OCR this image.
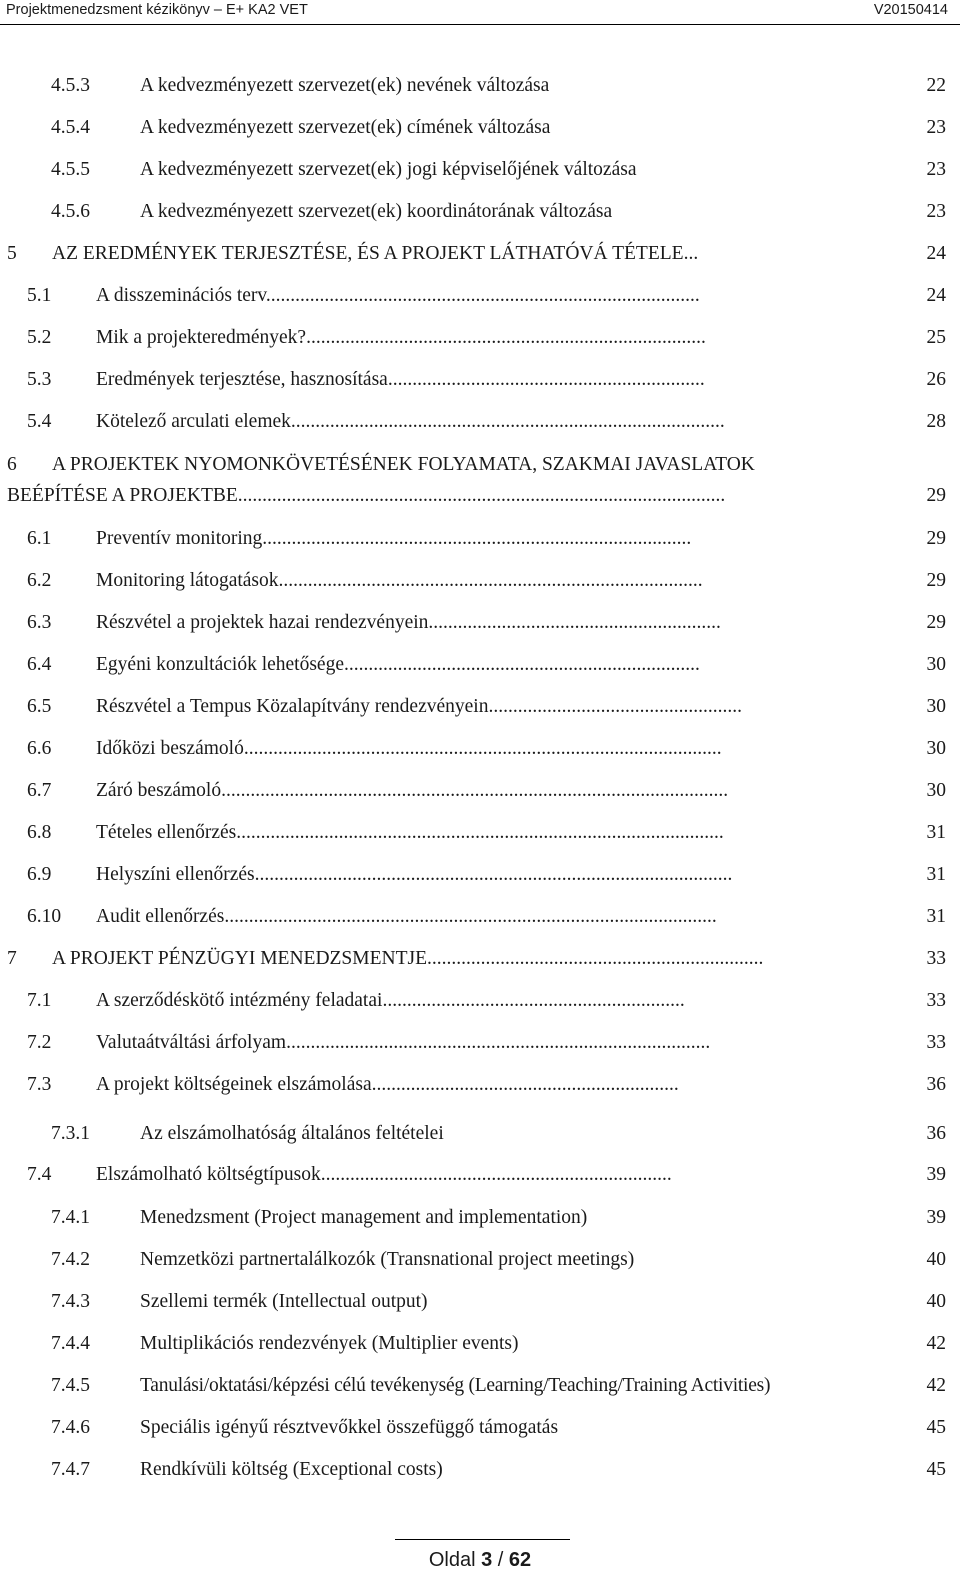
Projektmenedzsment kézikönyv – E+ KA2 VET	V20150414
4.5.3	A kedvezményezett szervezet(ek) nevének változása	22
4.5.4	A kedvezményezett szervezet(ek) címének változása	23
4.5.5	A kedvezményezett szervezet(ek) jogi képviselőjének változása	23
4.5.6	A kedvezményezett szervezet(ek) koordinátorának változása	23
5 AZ EREDMÉNYEK TERJESZTÉSE, ÉS A PROJEKT LÁTHATÓVÁ TÉTELE...	24
5.1 A disszeminációs terv.........................................................................................	24
5.2 Mik a projekteredmények?..................................................................................	25
5.3 Eredmények terjesztése, hasznosítása.................................................................	26
5.4 Kötelező arculati elemek.........................................................................................	28
6 A PROJEKTEK NYOMONKÖVETÉSÉNEK FOLYAMATA, SZAKMAI JAVASLATOK
BEÉPÍTÉSE A PROJEKTBE....................................................................................................	29
6.1 Preventív monitoring........................................................................................	29
6.2 Monitoring látogatások.......................................................................................	29
6.3 Részvétel a projektek hazai rendezvényein............................................................	29
6.4 Egyéni konzultációk lehetősége.........................................................................	30
6.5 Részvétel a Tempus Közalapítvány rendezvényein....................................................	30
6.6 Időközi beszámoló..................................................................................................	30
6.7 Záró beszámoló........................................................................................................	30
6.8 Tételes ellenőrzés....................................................................................................	31
6.9 Helyszíni ellenőrzés..................................................................................................	31
6.10 Audit ellenőrzés.....................................................................................................	31
7 A PROJEKT PÉNZÜGYI MENEDZSMENTJE.....................................................................	33
7.1 A szerződéskötő intézmény feladatai..............................................................	33
7.2 Valutaátváltási árfolyam.......................................................................................	33
7.3 A projekt költségeinek elszámolása...............................................................	36
7.3.1	Az elszámolhatóság általános feltételei	36
7.4 Elszámolható költségtípusok........................................................................	39
7.4.1	Menedzsment (Project management and implementation)	39
7.4.2	Nemzetközi partnertalálkozók (Transnational project meetings)	40
7.4.3	Szellemi termék (Intellectual output)	40
7.4.4	Multiplikációs rendezvények (Multiplier events)	42
7.4.5	Tanulási/oktatási/képzési célú tevékenység (Learning/Teaching/Training Activities)	42
7.4.6	Speciális igényű résztvevőkkel összefüggő támogatás	45
7.4.7	Rendkívüli költség (Exceptional costs)	45
Oldal 3 / 62
